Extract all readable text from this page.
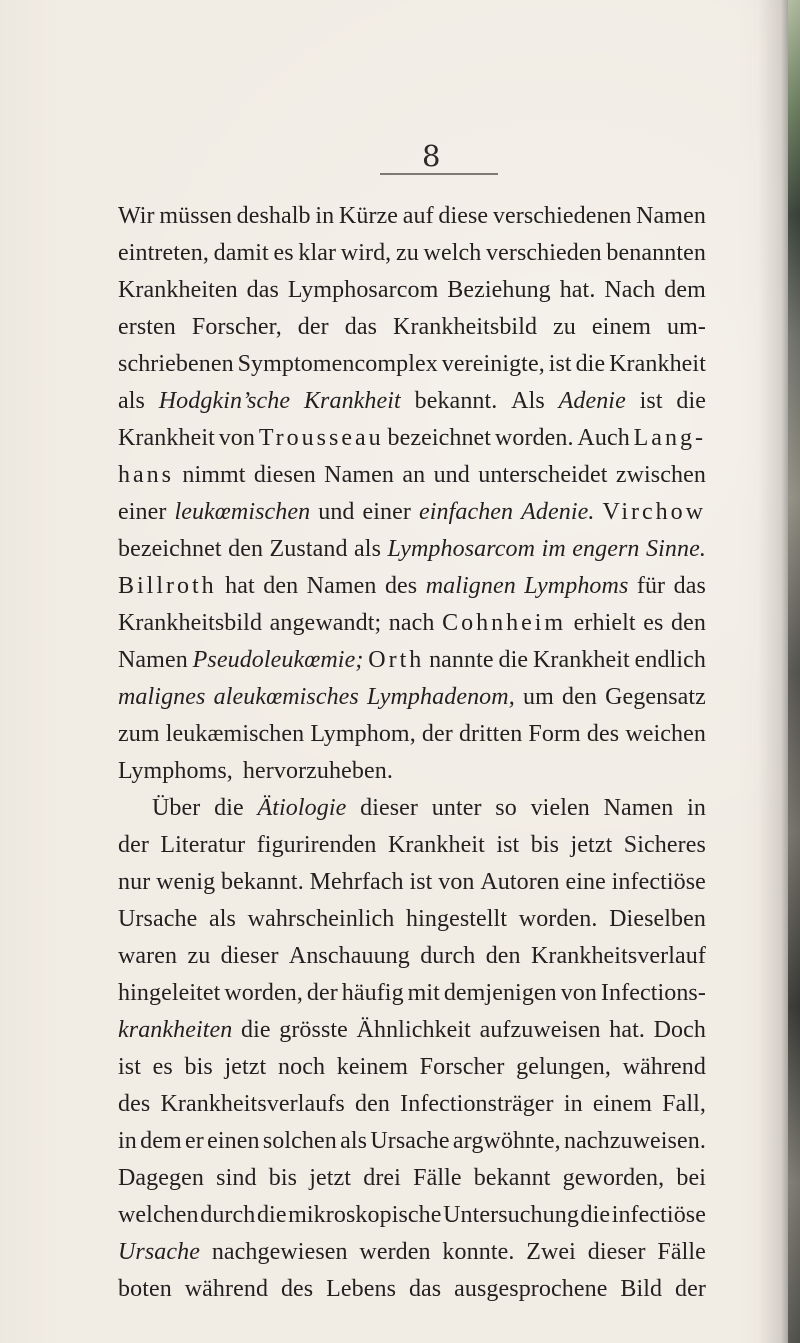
8
Wir müssen deshalb in Kürze auf diese verschiedenen Namen
eintreten, damit es klar wird, zu welch verschieden benannten
Krankheiten das Lymphosarcom Beziehung hat. Nach dem
ersten Forscher, der das Krankheitsbild zu einem um-
schriebenen Symptomencomplex vereinigte, ist die Krankheit
als Hodgkin’sche Krankheit bekannt. Als Adenie ist die
Krankheit von Trousseau bezeichnet worden. Auch Lang-
hans nimmt diesen Namen an und unterscheidet zwischen
einer leukœmischen und einer einfachen Adenie. Virchow
bezeichnet den Zustand als Lymphosarcom im engern Sinne.
Billroth hat den Namen des malignen Lymphoms für das
Krankheitsbild angewandt; nach Cohnheim erhielt es den
Namen Pseudoleukœmie; Orth nannte die Krankheit endlich
malignes aleukœmisches Lymphadenom, um den Gegensatz
zum leukæmischen Lymphom, der dritten Form des weichen
Lymphoms, hervorzuheben.
Über die Ätiologie dieser unter so vielen Namen in
der Literatur figurirenden Krankheit ist bis jetzt Sicheres
nur wenig bekannt. Mehrfach ist von Autoren eine infectiöse
Ursache als wahrscheinlich hingestellt worden. Dieselben
waren zu dieser Anschauung durch den Krankheitsverlauf
hingeleitet worden, der häufig mit demjenigen von Infections-
krankheiten die grösste Ähnlichkeit aufzuweisen hat. Doch
ist es bis jetzt noch keinem Forscher gelungen, während
des Krankheitsverlaufs den Infectionsträger in einem Fall,
in dem er einen solchen als Ursache argwöhnte, nachzuweisen.
Dagegen sind bis jetzt drei Fälle bekannt geworden, bei
welchen durch die mikroskopische Untersuchung die infectiöse
Ursache nachgewiesen werden konnte. Zwei dieser Fälle
boten während des Lebens das ausgesprochene Bild der
